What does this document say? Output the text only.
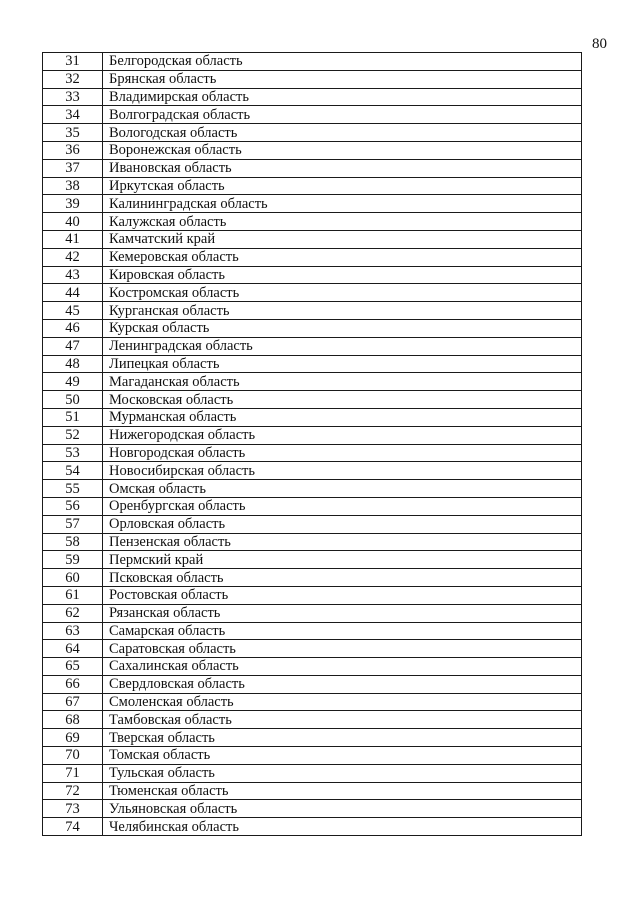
80
31	Белгородская область
32	Брянская область
33	Владимирская область
34	Волгоградская область
35	Вологодская область
36	Воронежская область
37	Ивановская область
38	Иркутская область
39	Калининградская область
40	Калужская область
41	Камчатский край
42	Кемеровская область
43	Кировская область
44	Костромская область
45	Курганская область
46	Курская область
47	Ленинградская область
48	Липецкая область
49	Магаданская область
50	Московская область
51	Мурманская область
52	Нижегородская область
53	Новгородская область
54	Новосибирская область
55	Омская область
56	Оренбургская область
57	Орловская область
58	Пензенская область
59	Пермский край
60	Псковская область
61	Ростовская область
62	Рязанская область
63	Самарская область
64	Саратовская область
65	Сахалинская область
66	Свердловская область
67	Смоленская область
68	Тамбовская область
69	Тверская область
70	Томская область
71	Тульская область
72	Тюменская область
73	Ульяновская область
74	Челябинская область
